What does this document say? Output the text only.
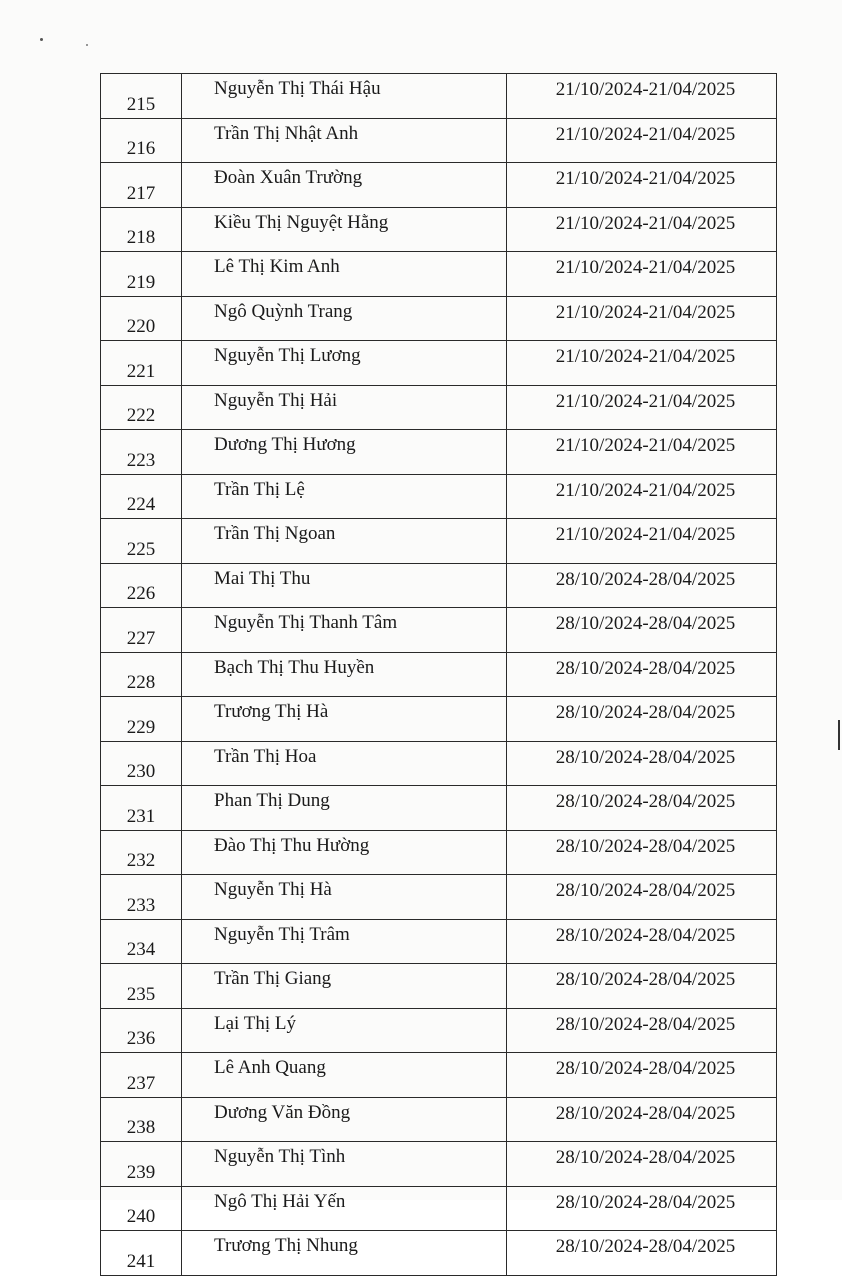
215	Nguyễn Thị Thái Hậu	21/10/2024-21/04/2025
216	Trần Thị Nhật Anh	21/10/2024-21/04/2025
217	Đoàn Xuân Trường	21/10/2024-21/04/2025
218	Kiều Thị Nguyệt Hằng	21/10/2024-21/04/2025
219	Lê Thị Kim Anh	21/10/2024-21/04/2025
220	Ngô Quỳnh Trang	21/10/2024-21/04/2025
221	Nguyễn Thị Lương	21/10/2024-21/04/2025
222	Nguyễn Thị Hải	21/10/2024-21/04/2025
223	Dương Thị Hương	21/10/2024-21/04/2025
224	Trần Thị Lệ	21/10/2024-21/04/2025
225	Trần Thị Ngoan	21/10/2024-21/04/2025
226	Mai Thị Thu	28/10/2024-28/04/2025
227	Nguyễn Thị Thanh Tâm	28/10/2024-28/04/2025
228	Bạch Thị Thu Huyền	28/10/2024-28/04/2025
229	Trương Thị Hà	28/10/2024-28/04/2025
230	Trần Thị Hoa	28/10/2024-28/04/2025
231	Phan Thị Dung	28/10/2024-28/04/2025
232	Đào Thị Thu Hường	28/10/2024-28/04/2025
233	Nguyễn Thị Hà	28/10/2024-28/04/2025
234	Nguyễn Thị Trâm	28/10/2024-28/04/2025
235	Trần Thị Giang	28/10/2024-28/04/2025
236	Lại Thị Lý	28/10/2024-28/04/2025
237	Lê Anh Quang	28/10/2024-28/04/2025
238	Dương Văn Đồng	28/10/2024-28/04/2025
239	Nguyễn Thị Tình	28/10/2024-28/04/2025
240	Ngô Thị Hải Yến	28/10/2024-28/04/2025
241	Trương Thị Nhung	28/10/2024-28/04/2025
